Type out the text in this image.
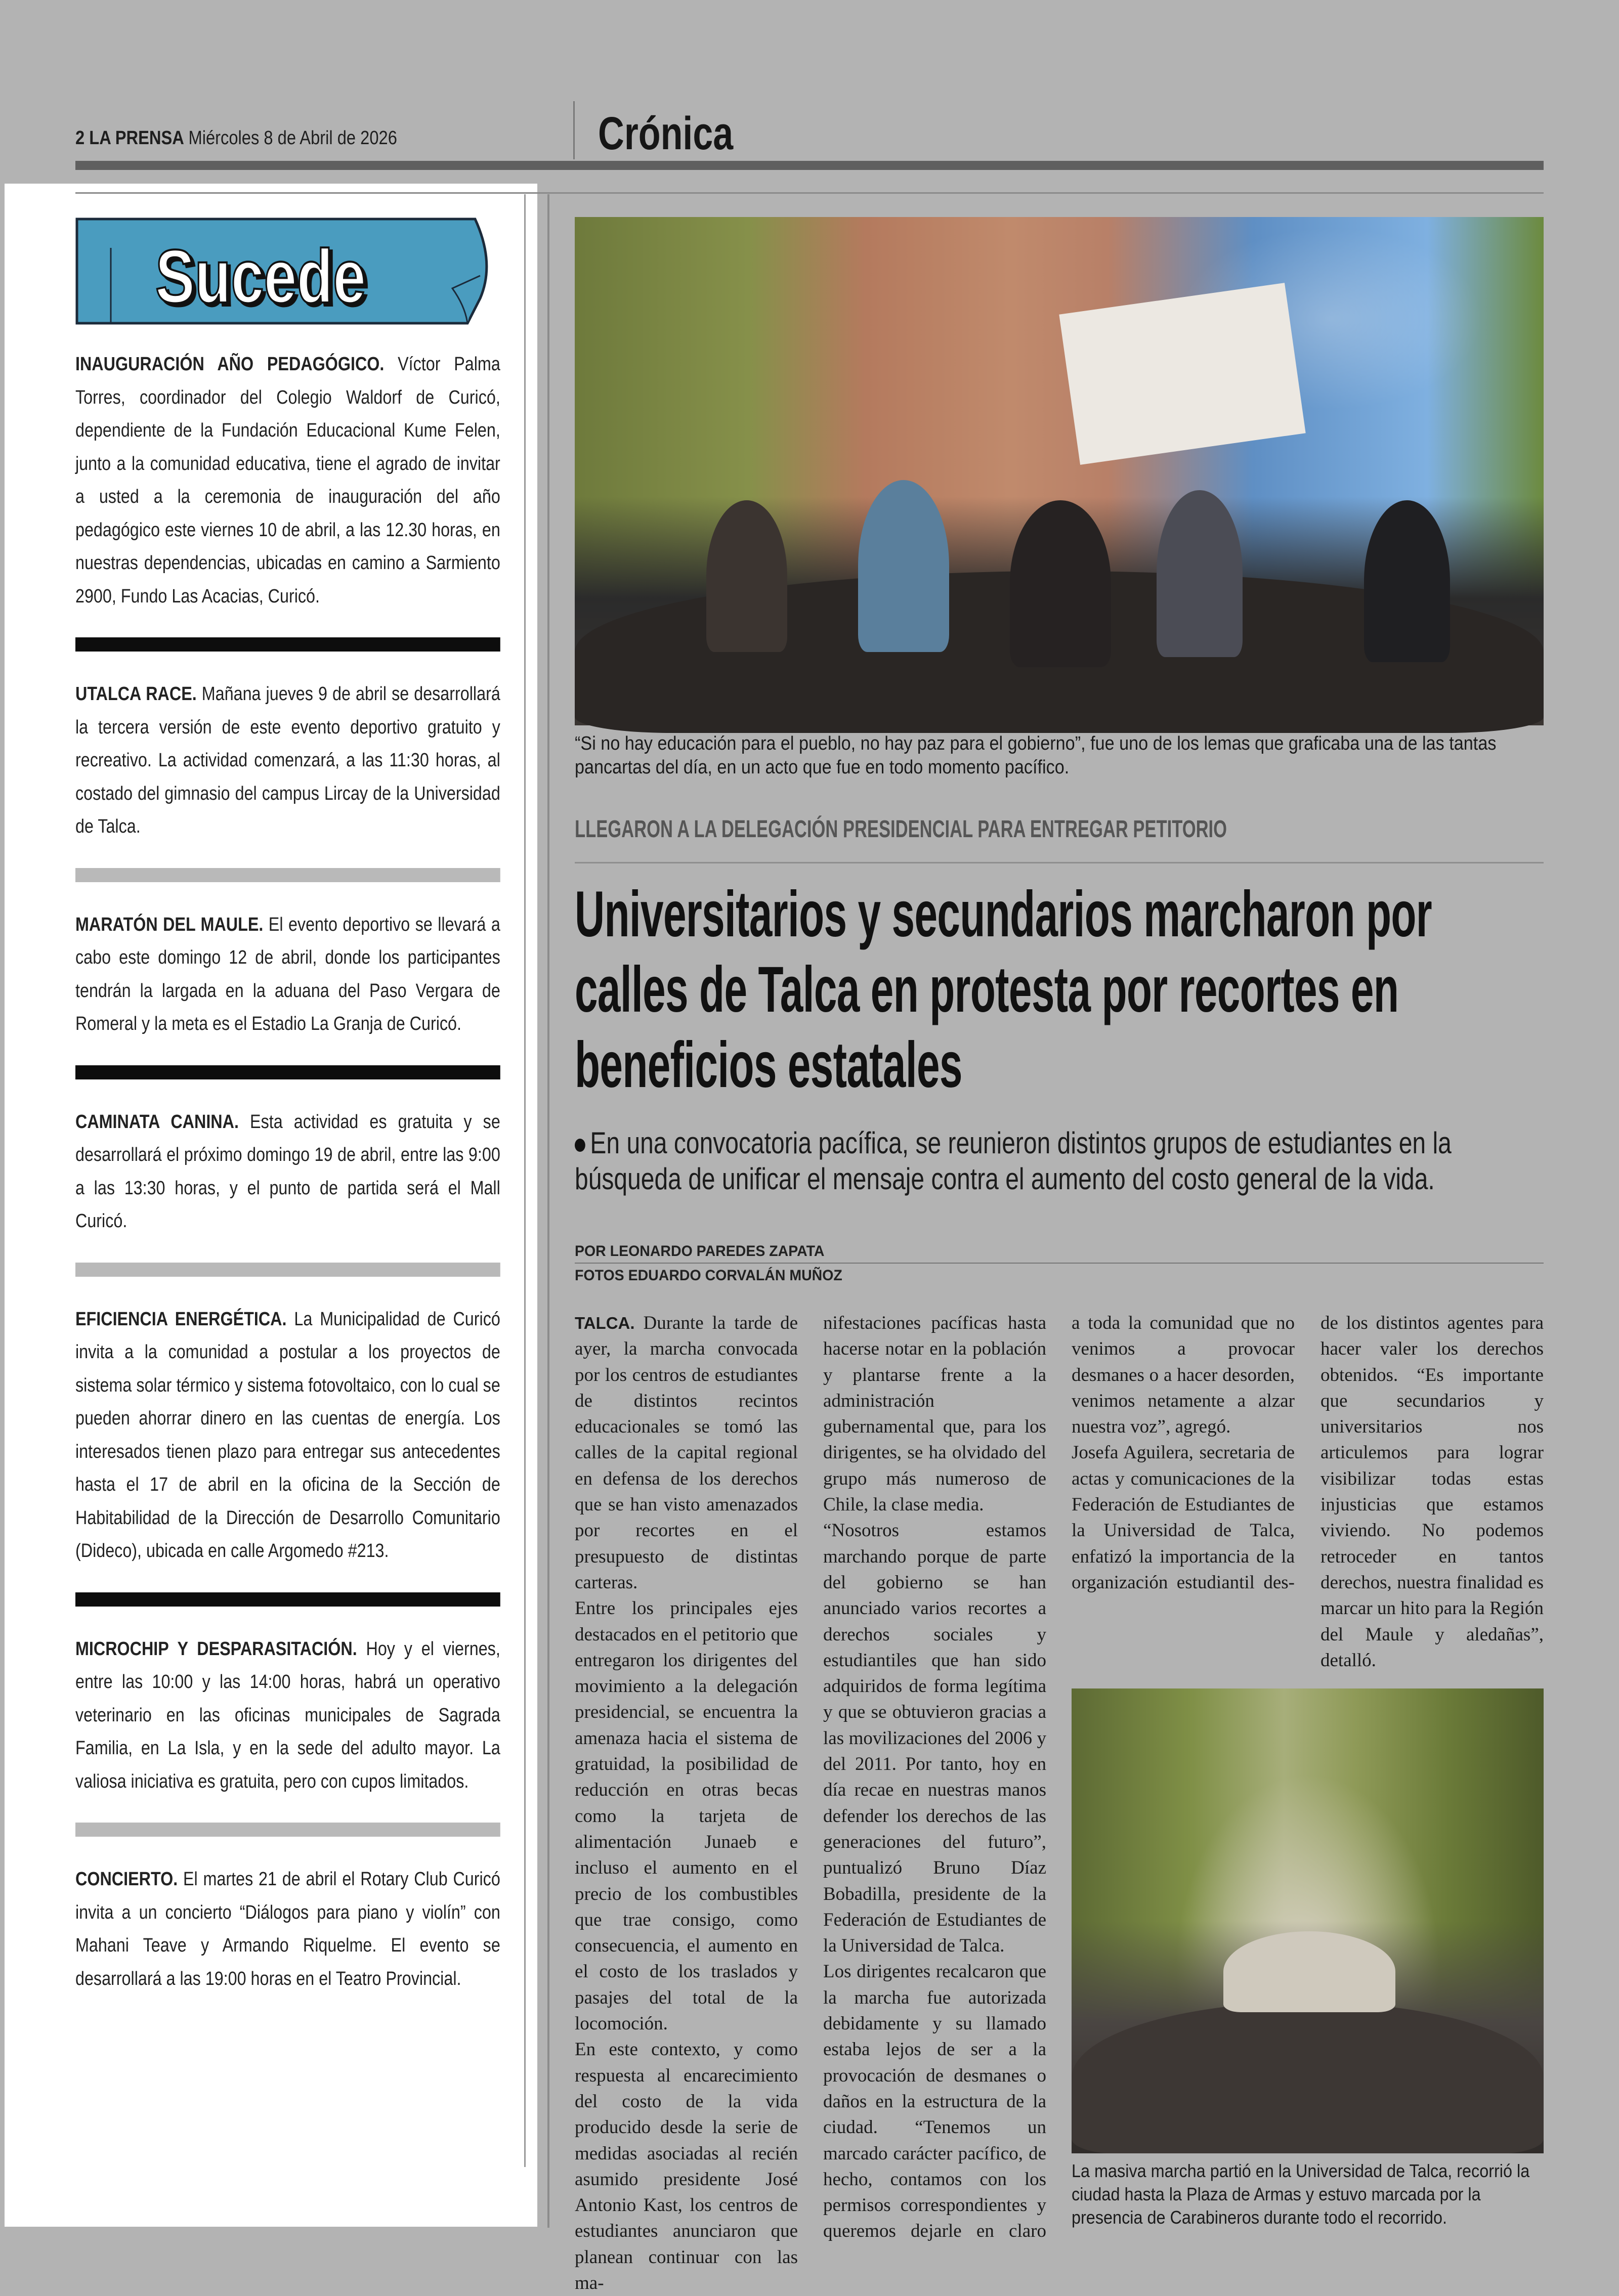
2 LA PRENSA Miércoles 8 de Abril de 2026	Crónica
Sucede
INAUGURACIÓN AÑO PEDAGÓGICO. Víctor Palma Torres, coordinador del Colegio Waldorf de Curicó, dependiente de la Fundación Educacional Kume Felen, junto a la comunidad educativa, tiene el agrado de invitar a usted a la ceremonia de inauguración del año pedagógico este viernes 10 de abril, a las 12.30 horas, en nuestras dependencias, ubicadas en camino a Sarmiento 2900, Fundo Las Acacias, Curicó.
UTALCA RACE. Mañana jueves 9 de abril se desarrollará la tercera versión de este evento deportivo gratuito y recreativo. La actividad comenzará, a las 11:30 horas, al costado del gimnasio del campus Lircay de la Universidad de Talca.
MARATÓN DEL MAULE. El evento deportivo se llevará a cabo este domingo 12 de abril, donde los participantes tendrán la largada en la aduana del Paso Vergara de Romeral y la meta es el Estadio La Granja de Curicó.
CAMINATA CANINA. Esta actividad es gratuita y se desarrollará el próximo domingo 19 de abril, entre las 9:00 a las 13:30 horas, y el punto de partida será el Mall Curicó.
EFICIENCIA ENERGÉTICA. La Municipalidad de Curicó invita a la comunidad a postular a los proyectos de sistema solar térmico y sistema fotovoltaico, con lo cual se pueden ahorrar dinero en las cuentas de energía. Los interesados tienen plazo para entregar sus antecedentes hasta el 17 de abril en la oficina de la Sección de Habitabilidad de la Dirección de Desarrollo Comunitario (Dideco), ubicada en calle Argomedo #213.
MICROCHIP Y DESPARASITACIÓN. Hoy y el viernes, entre las 10:00 y las 14:00 horas, habrá un operativo veterinario en las oficinas municipales de Sagrada Familia, en La Isla, y en la sede del adulto mayor. La valiosa iniciativa es gratuita, pero con cupos limitados.
CONCIERTO. El martes 21 de abril el Rotary Club Curicó invita a un concierto “Diálogos para piano y violín” con Mahani Teave y Armando Riquelme. El evento se desarrollará a las 19:00 horas en el Teatro Provincial.
“Si no hay educación para el pueblo, no hay paz para el gobierno”, fue uno de los lemas que graficaba una de las tantas pancartas del día, en un acto que fue en todo momento pacífico.
LLEGARON A LA DELEGACIÓN PRESIDENCIAL PARA ENTREGAR PETITORIO
Universitarios y secundarios marcharon por calles de Talca en protesta por recortes en beneficios estatales
En una convocatoria pacífica, se reunieron distintos grupos de estudiantes en la búsqueda de unificar el mensaje contra el aumento del costo general de la vida.
POR LEONARDO PAREDES ZAPATA
FOTOS EDUARDO CORVALÁN MUÑOZ

TALCA. Durante la tarde de ayer, la marcha convocada por los centros de estudiantes de distintos recintos educacionales se tomó las calles de la capital regional en defensa de los derechos que se han visto amenazados por recortes en el presupuesto de distintas carteras.

Entre los principales ejes destacados en el petitorio que entregaron los dirigentes del movimiento a la delegación presidencial, se encuentra la amenaza hacia el sistema de gratuidad, la posibilidad de reducción en otras becas como la tarjeta de alimentación Junaeb e incluso el aumento en el precio de los combustibles que trae consigo, como consecuencia, el aumento en el costo de los traslados y pasajes del total de la locomoción.

En este contexto, y como respuesta al encarecimiento del costo de la vida producido desde la serie de medidas asociadas al recién asumido presidente José Antonio Kast, los centros de estudiantes anunciaron que planean continuar con las ma-

nifestaciones pacíficas hasta hacerse notar en la población y plantarse frente a la administración gubernamental que, para los dirigentes, se ha olvidado del grupo más numeroso de Chile, la clase media.

“Nosotros estamos marchando porque de parte del gobierno se han anunciado varios recortes a derechos sociales y estudiantiles que han sido adquiridos de forma legítima y que se obtuvieron gracias a las movilizaciones del 2006 y del 2011. Por tanto, hoy en día recae en nuestras manos defender los derechos de las generaciones del futuro”, puntualizó Bruno Díaz Bobadilla, presidente de la Federación de Estudiantes de la Universidad de Talca.

Los dirigentes recalcaron que la marcha fue autorizada debidamente y su llamado estaba lejos de ser a la provocación de desmanes o daños en la estructura de la ciudad. “Tenemos un marcado carácter pacífico, de hecho, contamos con los permisos correspondientes y queremos dejarle en claro

a toda la comunidad que no venimos a provocar desmanes o a hacer desorden, venimos netamente a alzar nuestra voz”, agregó.

Josefa Aguilera, secretaria de actas y comunicaciones de la Federación de Estudiantes de la Universidad de Talca, enfatizó la importancia de la organización estudiantil des-

de los distintos agentes para hacer valer los derechos obtenidos. “Es importante que secundarios y universitarios nos articulemos para lograr visibilizar todas estas injusticias que estamos viviendo. No podemos retroceder en tantos derechos, nuestra finalidad es marcar un hito para la Región del Maule y aledañas”, detalló.

La masiva marcha partió en la Universidad de Talca, recorrió la ciudad hasta la Plaza de Armas y estuvo marcada por la presencia de Carabineros durante todo el recorrido.
